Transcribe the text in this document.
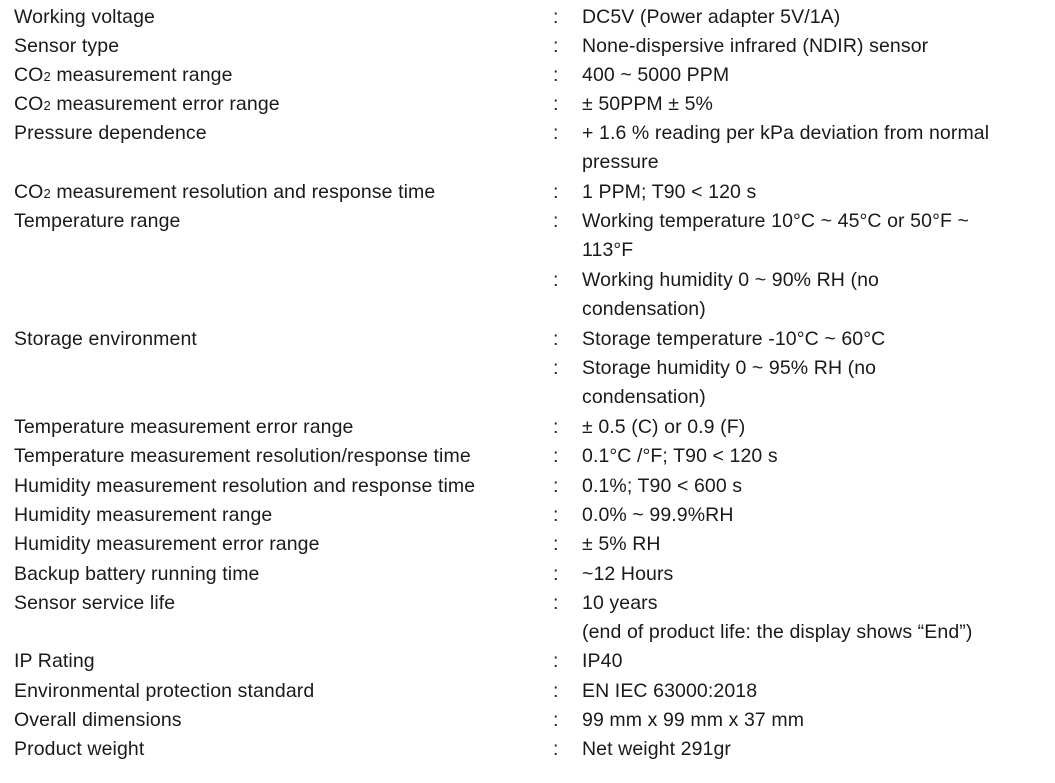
Working voltage	: DC5V (Power adapter 5V/1A)
Sensor type	: None-dispersive infrared (NDIR) sensor
CO2 measurement range	: 400 ~ 5000 PPM
CO2 measurement error range	: ± 50PPM ± 5%
Pressure dependence	: + 1.6 % reading per kPa deviation from normal
pressure
CO2 measurement resolution and response time	: 1 PPM; T90 < 120 s
Temperature range	: Working temperature 10°C ~ 45°C or 50°F ~
113°F
: Working humidity 0 ~ 90% RH (no
condensation)
Storage environment	: Storage temperature -10°C ~ 60°C
: Storage humidity 0 ~ 95% RH (no
condensation)
Temperature measurement error range	: ± 0.5 (C) or 0.9 (F)
Temperature measurement resolution/response time	: 0.1°C /°F; T90 < 120 s
Humidity measurement resolution and response time	: 0.1%; T90 < 600 s
Humidity measurement range	: 0.0% ~ 99.9%RH
Humidity measurement error range	: ± 5% RH
Backup battery running time	: ~12 Hours
Sensor service life	: 10 years
(end of product life: the display shows “End”)
IP Rating	: IP40
Environmental protection standard	: EN IEC 63000:2018
Overall dimensions	: 99 mm x 99 mm x 37 mm
Product weight	: Net weight 291gr
